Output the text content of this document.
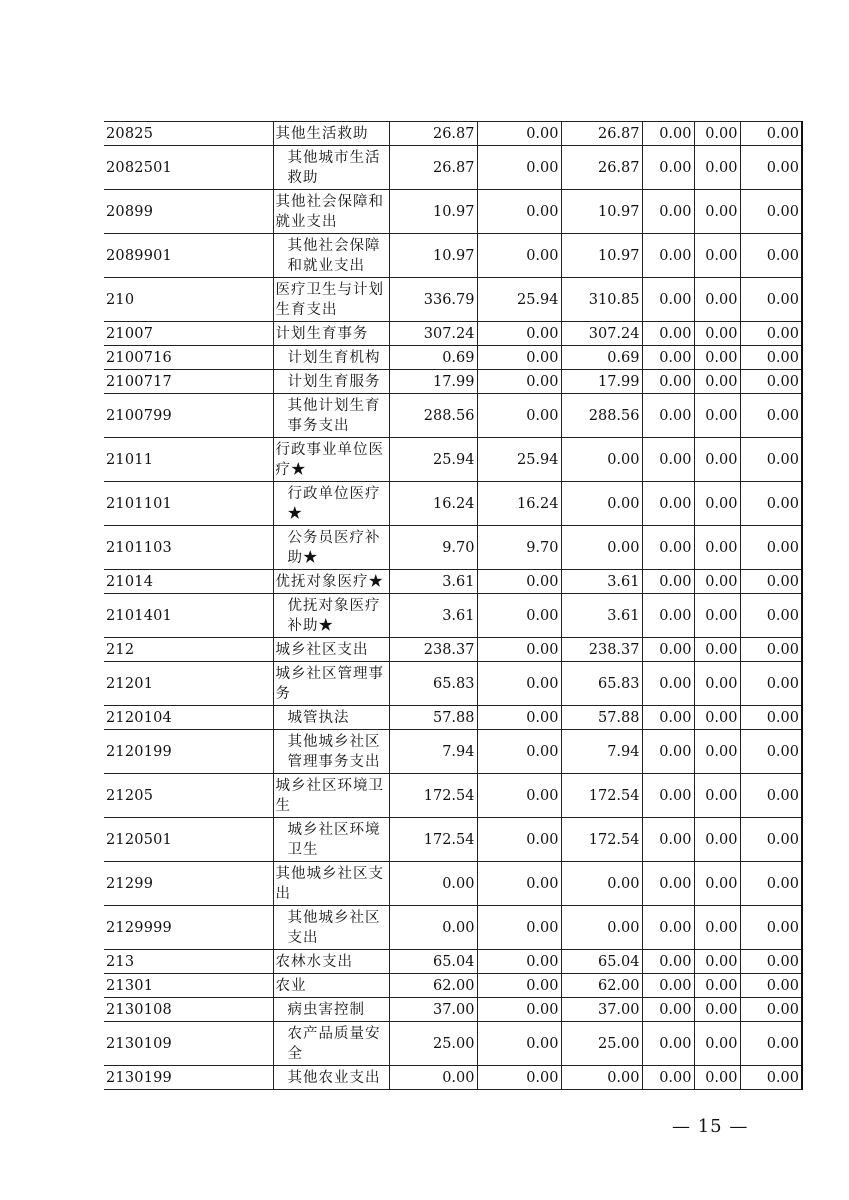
20825	其他生活救助	26.87	0.00	26.87	0.00	0.00	0.00
2082501	其他城市生活救助	26.87	0.00	26.87	0.00	0.00	0.00
20899	其他社会保障和就业支出	10.97	0.00	10.97	0.00	0.00	0.00
2089901	其他社会保障和就业支出	10.97	0.00	10.97	0.00	0.00	0.00
210	医疗卫生与计划生育支出	336.79	25.94	310.85	0.00	0.00	0.00
21007	计划生育事务	307.24	0.00	307.24	0.00	0.00	0.00
2100716	计划生育机构	0.69	0.00	0.69	0.00	0.00	0.00
2100717	计划生育服务	17.99	0.00	17.99	0.00	0.00	0.00
2100799	其他计划生育事务支出	288.56	0.00	288.56	0.00	0.00	0.00
21011	行政事业单位医疗★	25.94	25.94	0.00	0.00	0.00	0.00
2101101	行政单位医疗★	16.24	16.24	0.00	0.00	0.00	0.00
2101103	公务员医疗补助★	9.70	9.70	0.00	0.00	0.00	0.00
21014	优抚对象医疗★	3.61	0.00	3.61	0.00	0.00	0.00
2101401	优抚对象医疗补助★	3.61	0.00	3.61	0.00	0.00	0.00
212	城乡社区支出	238.37	0.00	238.37	0.00	0.00	0.00
21201	城乡社区管理事务	65.83	0.00	65.83	0.00	0.00	0.00
2120104	城管执法	57.88	0.00	57.88	0.00	0.00	0.00
2120199	其他城乡社区管理事务支出	7.94	0.00	7.94	0.00	0.00	0.00
21205	城乡社区环境卫生	172.54	0.00	172.54	0.00	0.00	0.00
2120501	城乡社区环境卫生	172.54	0.00	172.54	0.00	0.00	0.00
21299	其他城乡社区支出	0.00	0.00	0.00	0.00	0.00	0.00
2129999	其他城乡社区支出	0.00	0.00	0.00	0.00	0.00	0.00
213	农林水支出	65.04	0.00	65.04	0.00	0.00	0.00
21301	农业	62.00	0.00	62.00	0.00	0.00	0.00
2130108	病虫害控制	37.00	0.00	37.00	0.00	0.00	0.00
2130109	农产品质量安全	25.00	0.00	25.00	0.00	0.00	0.00
2130199	其他农业支出	0.00	0.00	0.00	0.00	0.00	0.00
— 15 —
